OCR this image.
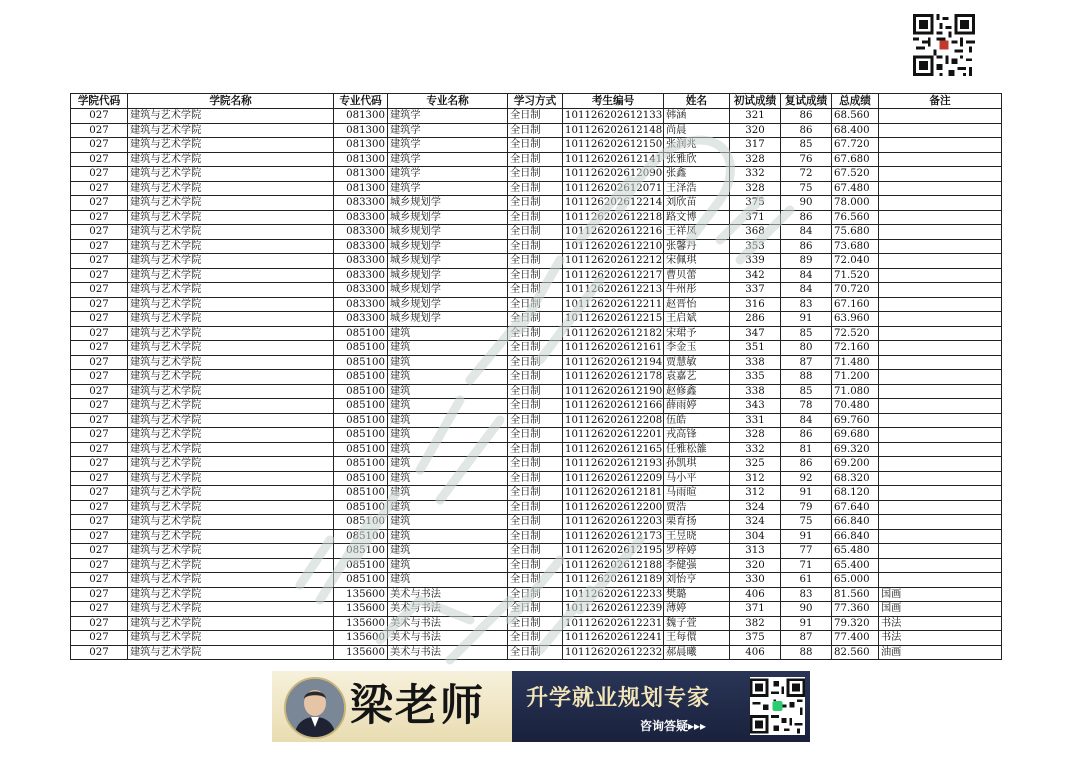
学院代码	学院名称	专业代码	专业名称	学习方式	考生编号	姓名	初试成绩	复试成绩	总成绩	备注
027	建筑与艺术学院	081300	建筑学	全日制	101126202612133	韩涵	321	86	68.560	
027	建筑与艺术学院	081300	建筑学	全日制	101126202612148	尚晨	320	86	68.400	
027	建筑与艺术学院	081300	建筑学	全日制	101126202612150	张润兆	317	85	67.720	
027	建筑与艺术学院	081300	建筑学	全日制	101126202612141	张雅欣	328	76	67.680	
027	建筑与艺术学院	081300	建筑学	全日制	101126202612090	张鑫	332	72	67.520	
027	建筑与艺术学院	081300	建筑学	全日制	101126202612071	王泽浩	328	75	67.480	
027	建筑与艺术学院	083300	城乡规划学	全日制	101126202612214	刘欣苗	375	90	78.000	
027	建筑与艺术学院	083300	城乡规划学	全日制	101126202612218	路文博	371	86	76.560	
027	建筑与艺术学院	083300	城乡规划学	全日制	101126202612216	王祥凤	368	84	75.680	
027	建筑与艺术学院	083300	城乡规划学	全日制	101126202612210	张馨丹	353	86	73.680	
027	建筑与艺术学院	083300	城乡规划学	全日制	101126202612212	宋佩琪	339	89	72.040	
027	建筑与艺术学院	083300	城乡规划学	全日制	101126202612217	曹贝蕾	342	84	71.520	
027	建筑与艺术学院	083300	城乡规划学	全日制	101126202612213	牛州彤	337	84	70.720	
027	建筑与艺术学院	083300	城乡规划学	全日制	101126202612211	赵晋怡	316	83	67.160	
027	建筑与艺术学院	083300	城乡规划学	全日制	101126202612215	王启斌	286	91	63.960	
027	建筑与艺术学院	085100	建筑	全日制	101126202612182	宋珺予	347	85	72.520	
027	建筑与艺术学院	085100	建筑	全日制	101126202612161	李金玉	351	80	72.160	
027	建筑与艺术学院	085100	建筑	全日制	101126202612194	贾慧敏	338	87	71.480	
027	建筑与艺术学院	085100	建筑	全日制	101126202612178	袁嘉艺	335	88	71.200	
027	建筑与艺术学院	085100	建筑	全日制	101126202612190	赵修鑫	338	85	71.080	
027	建筑与艺术学院	085100	建筑	全日制	101126202612166	薛雨婷	343	78	70.480	
027	建筑与艺术学院	085100	建筑	全日制	101126202612208	伍皓	331	84	69.760	
027	建筑与艺术学院	085100	建筑	全日制	101126202612201	戎高锋	328	86	69.680	
027	建筑与艺术学院	085100	建筑	全日制	101126202612165	任雅松雒	332	81	69.320	
027	建筑与艺术学院	085100	建筑	全日制	101126202612193	孙凯琪	325	86	69.200	
027	建筑与艺术学院	085100	建筑	全日制	101126202612209	马小平	312	92	68.320	
027	建筑与艺术学院	085100	建筑	全日制	101126202612181	马雨暄	312	91	68.120	
027	建筑与艺术学院	085100	建筑	全日制	101126202612200	贾浩	324	79	67.640	
027	建筑与艺术学院	085100	建筑	全日制	101126202612203	栗育扬	324	75	66.840	
027	建筑与艺术学院	085100	建筑	全日制	101126202612173	王昱晓	304	91	66.840	
027	建筑与艺术学院	085100	建筑	全日制	101126202612195	罗梓婷	313	77	65.480	
027	建筑与艺术学院	085100	建筑	全日制	101126202612188	李健强	320	71	65.400	
027	建筑与艺术学院	085100	建筑	全日制	101126202612189	刘怡亨	330	61	65.000	
027	建筑与艺术学院	135600	美术与书法	全日制	101126202612233	樊璐	406	83	81.560	国画
027	建筑与艺术学院	135600	美术与书法	全日制	101126202612239	薄婷	371	90	77.360	国画
027	建筑与艺术学院	135600	美术与书法	全日制	101126202612231	魏子萱	382	91	79.320	书法
027	建筑与艺术学院	135600	美术与书法	全日制	101126202612241	王每儇	375	87	77.400	书法
027	建筑与艺术学院	135600	美术与书法	全日制	101126202612232	郝晨曦	406	88	82.560	油画
梁老师 升学就业规划专家
咨询答疑▸▸▸
